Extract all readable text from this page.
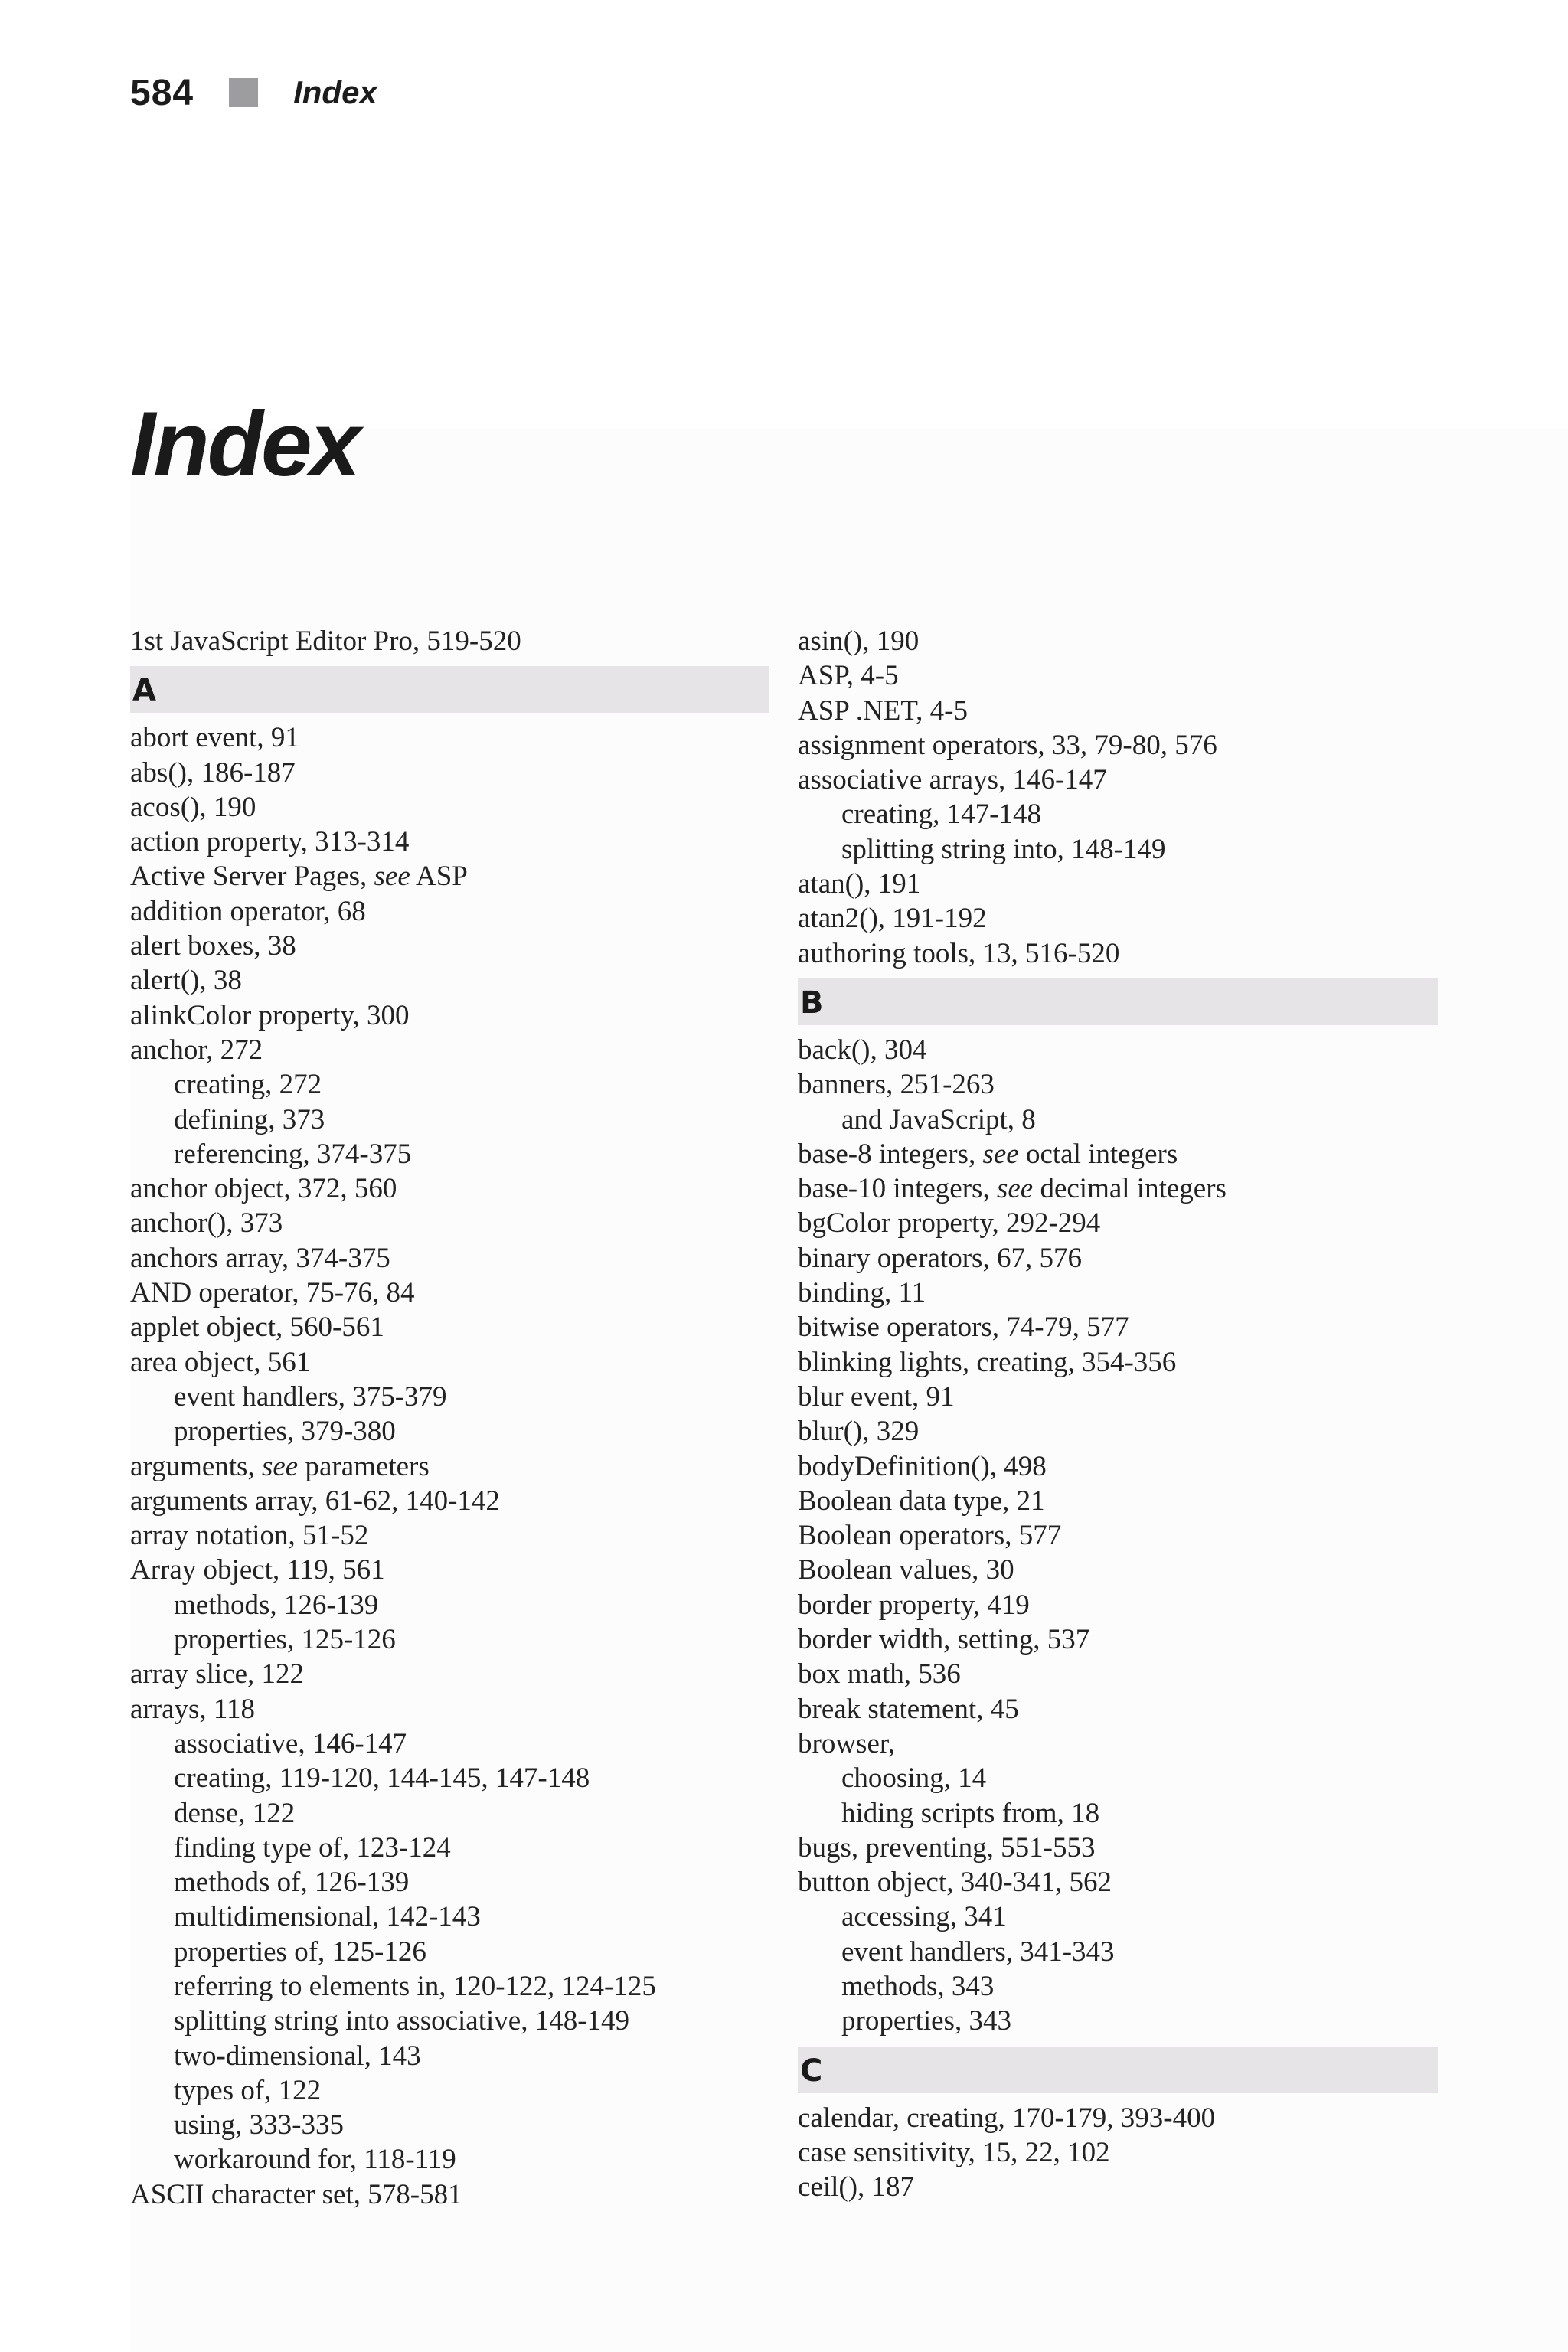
584	Index
Index
1st JavaScript Editor Pro, 519-520
A
abort event, 91
abs(), 186-187
acos(), 190
action property, 313-314
Active Server Pages, see ASP
addition operator, 68
alert boxes, 38
alert(), 38
alinkColor property, 300
anchor, 272
creating, 272
defining, 373
referencing, 374-375
anchor object, 372, 560
anchor(), 373
anchors array, 374-375
AND operator, 75-76, 84
applet object, 560-561
area object, 561
event handlers, 375-379
properties, 379-380
arguments, see parameters
arguments array, 61-62, 140-142
array notation, 51-52
Array object, 119, 561
methods, 126-139
properties, 125-126
array slice, 122
arrays, 118
associative, 146-147
creating, 119-120, 144-145, 147-148
dense, 122
finding type of, 123-124
methods of, 126-139
multidimensional, 142-143
properties of, 125-126
referring to elements in, 120-122, 124-125
splitting string into associative, 148-149
two-dimensional, 143
types of, 122
using, 333-335
workaround for, 118-119
ASCII character set, 578-581
asin(), 190
ASP, 4-5
ASP .NET, 4-5
assignment operators, 33, 79-80, 576
associative arrays, 146-147
creating, 147-148
splitting string into, 148-149
atan(), 191
atan2(), 191-192
authoring tools, 13, 516-520
B
back(), 304
banners, 251-263
and JavaScript, 8
base-8 integers, see octal integers
base-10 integers, see decimal integers
bgColor property, 292-294
binary operators, 67, 576
binding, 11
bitwise operators, 74-79, 577
blinking lights, creating, 354-356
blur event, 91
blur(), 329
bodyDefinition(), 498
Boolean data type, 21
Boolean operators, 577
Boolean values, 30
border property, 419
border width, setting, 537
box math, 536
break statement, 45
browser,
choosing, 14
hiding scripts from, 18
bugs, preventing, 551-553
button object, 340-341, 562
accessing, 341
event handlers, 341-343
methods, 343
properties, 343
C
calendar, creating, 170-179, 393-400
case sensitivity, 15, 22, 102
ceil(), 187
